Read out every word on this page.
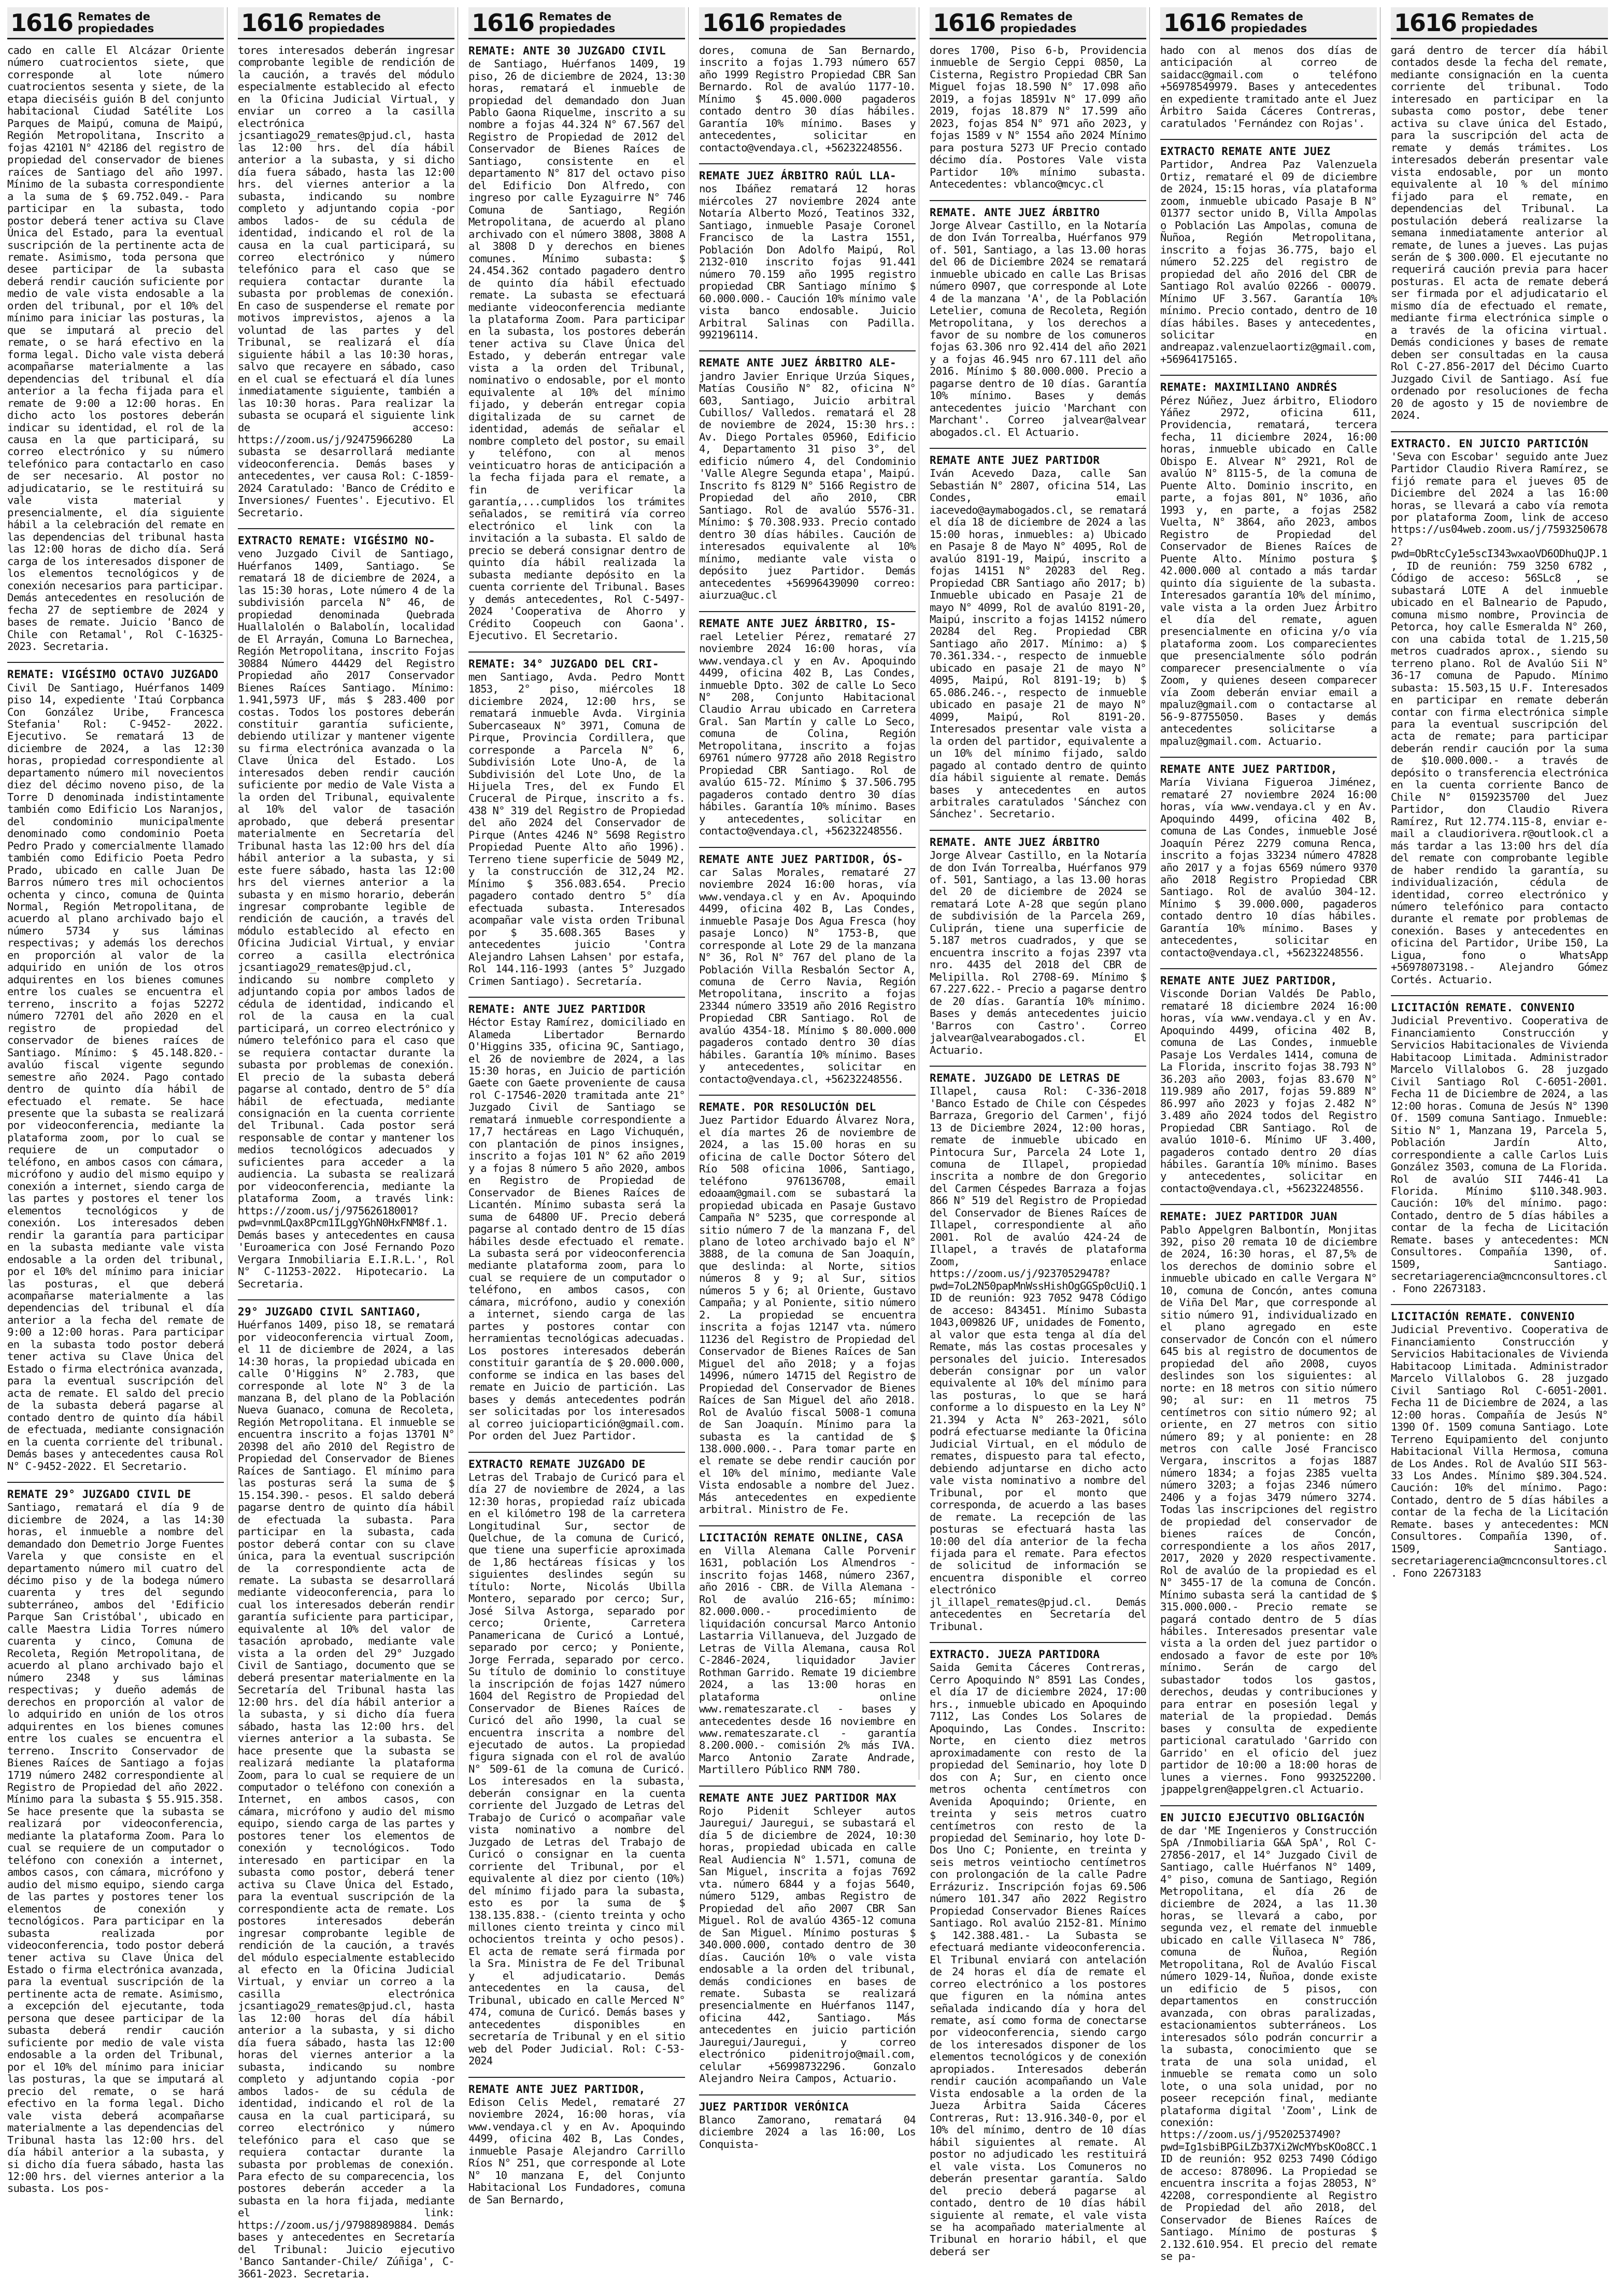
1616 Remates de
propiedades

cado en calle El Alcázar Oriente número cuatrocientos siete, que corresponde al lote número cuatrocientos sesenta y siete, de la etapa dieciséis guión B del conjunto habitacional Ciudad Satélite Los Parques de Maipú, comuna de Maipú, Región Metropolitana, Inscrito a fojas 42101 N° 42186 del registro de propiedad del conservador de bienes raíces de Santiago del año 1997. Mínimo de la subasta correspondiente a la suma de $ 69.752.049.- Para participar en la subasta, todo postor deberá tener activa su Clave Única del Estado, para la eventual suscripción de la pertinente acta de remate. Asimismo, toda persona que desee participar de la subasta deberá rendir caución suficiente por medio de vale vista endosable a la orden del tribunal, por el 10% del mínimo para iniciar las posturas, la que se imputará al precio del remate, o se hará efectivo en la forma legal. Dicho vale vista deberá acompañarse materialmente a las dependencias del tribunal el día anterior a la fecha fijada para el remate de 9:00 a 12:00 horas. En dicho acto los postores deberán indicar su identidad, el rol de la causa en la que participará, su correo electrónico y su número telefónico para contactarlo en caso de ser necesario. Al postor no adjudicatario, se le restituirá su vale vista material y presencialmente, el día siguiente hábil a la celebración del remate en las dependencias del tribunal hasta las 12:00 horas de dicho día. Será carga de los interesados disponer de los elementos tecnológicos y de conexión necesarios para participar. Demás antecedentes en resolución de fecha 27 de septiembre de 2024 y bases de remate. Juicio 'Banco de Chile con Retamal', Rol C-16325-2023. Secretaria.

REMATE: VIGÉSIMO OCTAVO JUZGADO

Civil De Santiago, Huérfanos 1409 piso 14, expediente 'Itaú Corpbanca Con González Uribe, Francesca Stefania' Rol: C-9452- 2022. Ejecutivo. Se rematará 13 de diciembre de 2024, a las 12:30 horas, propiedad correspondiente al departamento número mil novecientos diez del décimo noveno piso, de la Torre D denominada indistintamente también como Edificio Los Naranjos, del condominio municipalmente denominado como condominio Poeta Pedro Prado y comercialmente llamado también como Edificio Poeta Pedro Prado, ubicado en calle Juan De Barros número tres mil ochocientos ochenta y cinco, comuna de Quinta Normal, Región Metropolitana, de acuerdo al plano archivado bajo el número 5734 y sus láminas respectivas; y además los derechos en proporción al valor de la adquirido en unión de los otros adquirentes en los bienes comunes entre los cuales se encuentra el terreno, inscrito a fojas 52272 número 72701 del año 2020 en el registro de propiedad del conservador de bienes raíces de Santiago. Mínimo: $ 45.148.820.- avalúo fiscal vigente segundo semestre año 2024. Pago contado dentro de quinto día hábil de efectuado el remate. Se hace presente que la subasta se realizará por videoconferencia, mediante la plataforma zoom, por lo cual se requiere de un computador o teléfono, en ambos casos con cámara, micrófono y audio del mismo equipo y conexión a internet, siendo carga de las partes y postores el tener los elementos tecnológicos y de conexión. Los interesados deben rendir la garantía para participar en la subasta mediante vale vista endosable a la orden del tribunal, por el 10% del mínimo para iniciar las posturas, el que deberá acompañarse materialmente a las dependencias del tribunal el día anterior a la fecha del remate de 9:00 a 12:00 horas. Para participar en la subasta todo postor deberá tener activa su Clave Única del Estado o firma electrónica avanzada, para la eventual suscripción del acta de remate. El saldo del precio de la subasta deberá pagarse al contado dentro de quinto día hábil de efectuada, mediante consignación en la cuenta corriente del tribunal. Demás bases y antecedentes causa Rol N° C-9452-2022. El Secretario.

REMATE 29° JUZGADO CIVIL DE

Santiago, rematará el día 9 de diciembre de 2024, a las 14:30 horas, el inmueble a nombre del demandado don Demetrio Jorge Fuentes Varela y que consiste en el departamento número mil cuatro del décimo piso y de la bodega número cuarenta y tres del segundo subterráneo, ambos del 'Edificio Parque San Cristóbal', ubicado en calle Maestra Lidia Torres número cuarenta y cinco, Comuna de Recoleta, Región Metropolitana, de acuerdo al plano archivado bajo el número 2348 y sus láminas respectivas; y dueño además de derechos en proporción al valor de lo adquirido en unión de los otros adquirentes en los bienes comunes entre los cuales se encuentra el terreno. Inscrito Conservador de Bienes Raíces de Santiago a fojas 1719 número 2482 correspondiente al Registro de Propiedad del año 2022. Mínimo para la subasta $ 55.915.358. Se hace presente que la subasta se realizará por videoconferencia, mediante la plataforma Zoom. Para lo cual se requiere de un computador o teléfono con conexión a internet, ambos casos, con cámara, micrófono y audio del mismo equipo, siendo carga de las partes y postores tener los elementos de conexión y tecnológicos. Para participar en la subasta realizada por videoconferencia, todo postor deberá tener activa su Clave Única del Estado o firma electrónica avanzada, para la eventual suscripción de la pertinente acta de remate. Asimismo, a excepción del ejecutante, toda persona que desee participar de la subasta deberá rendir caución suficiente por medio de vale vista endosable a la orden del Tribunal, por el 10% del mínimo para iniciar las posturas, la que se imputará al precio del remate, o se hará efectivo en la forma legal. Dicho vale vista deberá acompañarse materialmente a las dependencias del Tribunal hasta las 12:00 hrs. del día hábil anterior a la subasta, y si dicho día fuera sábado, hasta las 12:00 hrs. del viernes anterior a la subasta. Los pos-

1616 Remates de
propiedades

tores interesados deberán ingresar comprobante legible de rendición de la caución, a través del módulo especialmente establecido al efecto en la Oficina Judicial Virtual, y enviar un correo a la casilla electrónica jcsantiago29_remates@pjud.cl, hasta las 12:00 hrs. del día hábil anterior a la subasta, y si dicho día fuera sábado, hasta las 12:00 hrs. del viernes anterior a la subasta, indicando su nombre completo y adjuntando copia -por ambos lados- de su cédula de identidad, indicando el rol de la causa en la cual participará, su correo electrónico y número telefónico para el caso que se requiera contactar durante la subasta por problemas de conexión. En caso de suspenderse el remate por motivos imprevistos, ajenos a la voluntad de las partes y del Tribunal, se realizará el día siguiente hábil a las 10:30 horas, salvo que recayere en sábado, caso en el cual se efectuará el día lunes inmediatamente siguiente, también a las 10:30 horas. Para realizar la subasta se ocupará el siguiente link de acceso: https://zoom.us/j/92475966280 La subasta se desarrollará mediante videoconferencia. Demás bases y antecedentes, ver causa Rol: C-1859-2024 Caratulado: 'Banco de Crédito e Inversiones/ Fuentes'. Ejecutivo. El Secretario.

EXTRACTO REMATE: VIGÉSIMO NO-

veno Juzgado Civil de Santiago, Huérfanos 1409, Santiago. Se rematará 18 de diciembre de 2024, a las 15:30 horas, Lote número 4 de la subdivisión parcela N° 46, de propiedad denominada Quebrada Huallalolén o Balabolín, localidad de El Arrayán, Comuna Lo Barnechea, Región Metropolitana, inscrito Fojas 30884 Número 44429 del Registro Propiedad año 2017 Conservador Bienes Raíces Santiago. Mínimo: 1.941,5973 UF, más $ 283.400 por costas. Todos los postores deberán constituir garantía suficiente, debiendo utilizar y mantener vigente su firma electrónica avanzada o la Clave Única del Estado. Los interesados deben rendir caución suficiente por medio de Vale Vista a la orden del Tribunal, equivalente al 10% del valor de tasación aprobado, que deberá presentar materialmente en Secretaría del Tribunal hasta las 12:00 hrs del día hábil anterior a la subasta, y si este fuere sábado, hasta las 12:00 hrs del viernes anterior a la subasta y en mismo horario, deberán ingresar comprobante legible de rendición de caución, a través del módulo establecido al efecto en Oficina Judicial Virtual, y enviar correo a casilla electrónica jcsantiago29_remates@pjud.cl, indicando su nombre completo y adjuntando copia por ambos lados de cédula de identidad, indicando el rol de la causa en la cual participará, un correo electrónico y número telefónico para el caso que se requiera contactar durante la subasta por problemas de conexión. El precio de la subasta deberá pagarse al contado, dentro de 5° día hábil de efectuada, mediante consignación en la cuenta corriente del Tribunal. Cada postor será responsable de contar y mantener los medios tecnológicos adecuados y suficientes para acceder a la audiencia. La subasta se realizará por videoconferencia, mediante la plataforma Zoom, a través link: https://zoom.us/j/97562618001?pwd=vnmLQax8Pcm1ILggYGhN0HxFNM8f.1. Demás bases y antecedentes en causa 'Euroamerica con José Fernando Pozo Vergara Inmobiliaria E.I.R.L.', Rol N° C-11253-2022. Hipotecario. La Secretaria.

29° JUZGADO CIVIL SANTIAGO,

Huérfanos 1409, piso 18, se rematará por videoconferencia virtual Zoom, el 11 de diciembre de 2024, a las 14:30 horas, la propiedad ubicada en calle O'Higgins N° 2.783, que corresponde al lote N° 3 de la manzana B, del plano de la Población Nueva Guanaco, comuna de Recoleta, Región Metropolitana. El inmueble se encuentra inscrito a fojas 13701 N° 20398 del año 2010 del Registro de Propiedad del Conservador de Bienes Raíces de Santiago. El mínimo para las posturas será la suma de $ 15.154.390.- pesos. El saldo deberá pagarse dentro de quinto día hábil de efectuada la subasta. Para participar en la subasta, cada postor deberá contar con su clave única, para la eventual suscripción de la correspondiente acta de remate. La subasta se desarrollará mediante videoconferencia, para lo cual los interesados deberán rendir garantía suficiente para participar, equivalente al 10% del valor de tasación aprobado, mediante vale vista a la orden del 29° Juzgado Civil de Santiago, documento que se deberá presentar materialmente en la Secretaría del Tribunal hasta las 12:00 hrs. del día hábil anterior a la subasta, y si dicho día fuera sábado, hasta las 12:00 hrs. del viernes anterior a la subasta. Se hace presente que la subasta se realizará mediante la plataforma Zoom, para lo cual se requiere de un computador o teléfono con conexión a Internet, en ambos casos, con cámara, micrófono y audio del mismo equipo, siendo carga de las partes y postores tener los elementos de conexión y tecnológicos. Todo interesado en participar en la subasta como postor, deberá tener activa su Clave Única del Estado, para la eventual suscripción de la correspondiente acta de remate. Los postores interesados deberán ingresar comprobante legible de rendición de la caución, a través del módulo especialmente establecido al efecto en la Oficina Judicial Virtual, y enviar un correo a la casilla electrónica jcsantiago29_remates@pjud.cl, hasta las 12:00 horas del día hábil anterior a la subasta, y si dicho día fuera sábado, hasta las 12:00 horas del viernes anterior a la subasta, indicando su nombre completo y adjuntando copia -por ambos lados- de su cédula de identidad, indicando el rol de la causa en la cual participará, su correo electrónico y número telefónico para el caso que se requiera contactar durante la subasta por problemas de conexión. Para efecto de su comparecencia, los postores deberán acceder a la subasta en la hora fijada, mediante el link: https://zoom.us/j/97988989884. Demás bases y antecedentes en Secretaría del Tribunal: Juicio ejecutivo 'Banco Santander-Chile/ Zúñiga', C-3661-2023. Secretaria.

1616 Remates de
propiedades

REMATE: ANTE 30 JUZGADO CIVIL

de Santiago, Huérfanos 1409, 19 piso, 26 de diciembre de 2024, 13:30 horas, rematará el inmueble de propiedad del demandado don Juan Pablo Gaona Riquelme, inscrito a su nombre a fojas 44.324 N° 67.567 del Registro de Propiedad de 2012 del Conservador de Bienes Raíces de Santiago, consistente en el departamento N° 817 del octavo piso del Edificio Don Alfredo, con ingreso por calle Eyzaguirre N° 746 Comuna de Santiago, Región Metropolitana, de acuerdo al plano archivado con el número 3808, 3808 A al 3808 D y derechos en bienes comunes. Mínimo subasta: $ 24.454.362 contado pagadero dentro de quinto día hábil efectuado remate. La subasta se efectuará mediante videoconferencia mediante la plataforma Zoom. Para participar en la subasta, los postores deberán tener activa su Clave Única del Estado, y deberán entregar vale vista a la orden del Tribunal, nominativo o endosable, por el monto equivalente al 10% del mínimo fijado, y deberán entregar copia digitalizada de su carnet de identidad, además de señalar el nombre completo del postor, su email y teléfono, con al menos veinticuatro horas de anticipación a la fecha fijada para el remate, a fin de verificar la garantía,...cumplidos los trámites señalados, se remitirá vía correo electrónico el link con la invitación a la subasta. El saldo de precio se deberá consignar dentro de quinto día hábil realizada la subasta mediante depósito en la cuenta corriente del Tribunal. Bases y demás antecedentes, Rol C-5497-2024 'Cooperativa de Ahorro y Crédito Coopeuch con Gaona'. Ejecutivo. El Secretario.

REMATE: 34° JUZGADO DEL CRI-

men Santiago, Avda. Pedro Montt 1853, 2° piso, miércoles 18 diciembre 2024, 12:00 hrs, se rematará inmueble Avda. Virginia Subercaseaux N° 3971, Comuna de Pirque, Provincia Cordillera, que corresponde a Parcela N° 6, Subdivisión Lote Uno-A, de la Subdivisión del Lote Uno, de la Hijuela Tres, del ex Fundo El Cruceral de Pirque, inscrito a fs. 438 N° 319 del Registro de Propiedad del año 2024 del Conservador de Pirque (Antes 4246 N° 5698 Registro Propiedad Puente Alto año 1996). Terreno tiene superficie de 5049 M2, y la construcción de 312,24 M2. Mínimo $ 356.083.654. Precio pagadero contado dentro 5° día efectuada subasta. Interesados acompañar vale vista orden Tribunal por $ 35.608.365 Bases y antecedentes juicio 'Contra Alejandro Lahsen Lahsen' por estafa, Rol 144.116-1993 (antes 5° Juzgado Crimen Santiago). Secretaría.

REMATE: ANTE JUEZ PARTIDOR

Héctor Estay Ramírez, domiciliado en Alameda Libertador Bernardo O'Higgins 335, oficina 9C, Santiago, el 26 de noviembre de 2024, a las 15:30 horas, en Juicio de partición Gaete con Gaete proveniente de causa rol C-17546-2020 tramitada ante 21° Juzgado Civil de Santiago se rematará inmueble correspondiente a 17,7 hectáreas en Lago Vichuquén, con plantación de pinos insignes, inscrito a fojas 101 N° 62 año 2019 y a fojas 8 número 5 año 2020, ambos en Registro de Propiedad de Conservador de Bienes Raíces de Licantén. Mínimo subasta será la suma de 64800 UF. Precio deberá pagarse al contado dentro de 15 días hábiles desde efectuado el remate. La subasta será por videoconferencia mediante plataforma zoom, para lo cual se requiere de un computador o teléfono, en ambos casos, con cámara, micrófono, audio y conexión a internet, siendo carga de las partes y postores contar con herramientas tecnológicas adecuadas. Los postores interesados deberán constituir garantía de $ 20.000.000, conforme se indica en las bases del remate en Juicio de partición. Las bases y demás antecedentes podrán ser solicitadas por los interesados al correo juiciopartición@gmail.com. Por orden del Juez Partidor.

EXTRACTO REMATE JUZGADO DE

Letras del Trabajo de Curicó para el día 27 de noviembre de 2024, a las 12:30 horas, propiedad raíz ubicada en el kilómetro 198 de la carretera Longitudinal Sur, sector de Quelchue, de la comuna de Curicó, que tiene una superficie aproximada de 1,86 hectáreas físicas y los siguientes deslindes según su título: Norte, Nicolás Ubilla Montero, separado por cerco; Sur, José Silva Astorga, separado por cerco; Oriente, Carretera Panamericana de Curicó a Lontué, separado por cerco; y Poniente, Jorge Ferrada, separado por cerco. Su título de dominio lo constituye la inscripción de fojas 1427 número 1604 del Registro de Propiedad del Conservador de Bienes Raíces de Curicó del año 1990, la cual se encuentra inscrita a nombre del ejecutado de autos. La propiedad figura signada con el rol de avalúo N° 509-61 de la comuna de Curicó. Los interesados en la subasta, deberán consignar en la cuenta corriente del Juzgado de Letras del Trabajo de Curicó o acompañar vale vista nominativo a nombre del Juzgado de Letras del Trabajo de Curicó o consignar en la cuenta corriente del Tribunal, por el equivalente al diez por ciento (10%) del mínimo fijado para la subasta, esto es por la suma de $ 138.135.838.- (ciento treinta y ocho millones ciento treinta y cinco mil ochocientos treinta y ocho pesos). El acta de remate será firmada por la Sra. Ministra de Fe del Tribunal y el adjudicatario. Demás antecedentes en la causa, del Tribunal, ubicado en calle Merced N° 474, comuna de Curicó. Demás bases y antecedentes disponibles en secretaría de Tribunal y en el sitio web del Poder Judicial. Rol: C-53-2024

REMATE ANTE JUEZ PARTIDOR,

Edison Celis Medel, remataré 27 noviembre 2024, 16:00 horas, vía www.vendaya.cl y en Av. Apoquindo 4499, oficina 402 B, Las Condes, inmueble Pasaje Alejandro Carrillo Ríos N° 251, que corresponde al Lote N° 10 manzana E, del Conjunto Habitacional Los Fundadores, comuna de San Bernardo,

1616 Remates de
propiedades

dores, comuna de San Bernardo, inscrito a fojas 1.793 número 657 año 1999 Registro Propiedad CBR San Bernardo. Rol de avalúo 1177-10. Mínimo $ 45.000.000 pagaderos contado dentro 30 días hábiles. Garantía 10% mínimo. Bases y antecedentes, solicitar en contacto@vendaya.cl, +56232248556.

REMATE JUEZ ÁRBITRO RAÚL LLA-

nos Ibáñez rematará 12 horas miércoles 27 noviembre 2024 ante Notaría Alberto Mozó, Teatinos 332, Santiago, inmueble Pasaje Coronel Francisco de la Lastra 1551, Población Don Adolfo Maipú, Rol 2132-010 inscrito fojas 91.441 número 70.159 año 1995 registro propiedad CBR Santiago mínimo $ 60.000.000.- Caución 10% mínimo vale vista banco endosable. Juicio Arbitral Salinas con Padilla. 992196114.

REMATE ANTE JUEZ ÁRBITRO ALE-

jandro Javier Enrique Urzúa Siques, Matías Cousiño N° 82, oficina N° 603, Santiago, Juicio arbitral Cubillos/ Valledos. rematará el 28 de noviembre de 2024, 15:30 hrs.: Av. Diego Portales 05960, Edificio 4, Departamento 31 piso 3°, del edificio número 4, del Condominio 'Valle Alegre Segunda etapa', Maipú. Inscrito fs 8129 N° 5166 Registro de Propiedad del año 2010, CBR Santiago. Rol de avalúo 5576-31. Mínimo: $ 70.308.933. Precio contado dentro 30 días hábiles. Caución de interesados equivalente al 10% mínimo, mediante vale vista o depósito juez Partidor. Demás antecedentes +56996439090 correo: aiurzua@uc.cl

REMATE ANTE JUEZ ÁRBITRO, IS-

rael Letelier Pérez, remataré 27 noviembre 2024 16:00 horas, vía www.vendaya.cl y en Av. Apoquindo 4499, oficina 402 B, Las Condes, inmueble Dpto. 302 de calle Lo Seco N° 208, Conjunto Habitacional Claudio Arrau ubicado en Carretera Gral. San Martín y calle Lo Seco, comuna de Colina, Región Metropolitana, inscrito a fojas 69761 número 97728 año 2018 Registro Propiedad CBR Santiago. Rol de avalúo 615-72. Mínimo $ 37.506.795 pagaderos contado dentro 30 días hábiles. Garantía 10% mínimo. Bases y antecedentes, solicitar en contacto@vendaya.cl, +56232248556.

REMATE ANTE JUEZ PARTIDOR, ÓS-

car Salas Morales, remataré 27 noviembre 2024 16:00 horas, vía www.vendaya.cl y en Av. Apoquindo 4499, oficina 402 B, Las Condes, inmueble Pasaje Dos Agua Fresca (hoy pasaje Lonco) N° 1753-B, que corresponde al Lote 29 de la manzana N° 36, Rol N° 767 del plano de la Población Villa Resbalón Sector A, comuna de Cerro Navia, Región Metropolitana, inscrito a fojas 23344 número 33519 año 2016 Registro Propiedad CBR Santiago. Rol de avalúo 4354-18. Mínimo $ 80.000.000 pagaderos contado dentro 30 días hábiles. Garantía 10% mínimo. Bases y antecedentes, solicitar en contacto@vendaya.cl, +56232248556.

REMATE. POR RESOLUCIÓN DEL

Juez Partidor Eduardo Álvarez Nora, el día martes 26 de noviembre de 2024, a las 15.00 horas en su oficina de calle Doctor Sótero del Río 508 oficina 1006, Santiago, teléfono 976136708, email edoaam@gmail.com se subastará la propiedad ubicada en Pasaje Gustavo Campaña N° 5235, que corresponde al sitio número 7 de la manzana F, del plano de loteo archivado bajo el N° 3888, de la comuna de San Joaquín, que deslinda: al Norte, sitios números 8 y 9; al Sur, sitios números 5 y 6; al Oriente, Gustavo Campaña; y al Poniente, sitio número 2. La propiedad se encuentra inscrita a fojas 12147 vta. número 11236 del Registro de Propiedad del Conservador de Bienes Raíces de San Miguel del año 2018; y a fojas 14996, número 14715 del Registro de Propiedad del Conservador de Bienes Raíces de San Miguel del año 2018. Rol de Avalúo fiscal 5008-1 comuna de San Joaquín. Mínimo para la subasta es la cantidad de $ 138.000.000.-. Para tomar parte en el remate se debe rendir caución por el 10% del mínimo, mediante Vale Vista endosable a nombre del Juez. Más antecedentes en expediente arbitral. Ministro de Fe.

LICITACIÓN REMATE ONLINE, CASA

en Villa Alemana Calle Porvenir 1631, población Los Almendros - inscrito fojas 1468, número 2367, año 2016 - CBR. de Villa Alemana - Rol de avalúo 216-65; mínimo: 82.000.000.- procedimiento de liquidación concursal Marco Antonio Lastarria Villanueva, del Juzgado de Letras de Villa Alemana, causa Rol C-2846-2024, liquidador Javier Rothman Garrido. Remate 19 diciembre 2024, a las 13:00 horas en plataforma online www.remateszarate.cl - bases y antecedentes desde 16 noviembre en www.remateszarate.cl - garantía 8.200.000.- comisión 2% más IVA. Marco Antonio Zarate Andrade, Martillero Público RNM 780.

REMATE ANTE JUEZ PARTIDOR MAX

Rojo Pidenit Schleyer autos Jauregui/ Jauregui, se subastará el día 5 de diciembre de 2024, 10:30 horas, propiedad ubicada en calle Real Audiencia N° 1.571, comuna de San Miguel, inscrita a fojas 7692 vta. número 6844 y a fojas 5640, número 5129, ambas Registro de Propiedad del año 2007 CBR San Miguel. Rol de avalúo 4365-12 comuna de San Miguel. Mínimo posturas $ 340.000.000, contado dentro de 30 días. Caución 10% o vale vista endosable a la orden del tribunal, demás condiciones en bases de remate. Subasta se realizará presencialmente en Huérfanos 1147, oficina 442, Santiago. Más antecedentes en juicio partición Jauregui/Jauregui, y correo electrónico pidenitrojo@mail.com, celular +56998732296. Gonzalo Alejandro Neira Campos, Actuario.

JUEZ PARTIDOR VERÓNICA

Blanco Zamorano, rematará 04 diciembre 2024 a las 16:00, Los Conquista-

1616 Remates de
propiedades

dores 1700, Piso 6-b, Providencia inmueble de Sergio Ceppi 0850, La Cisterna, Registro Propiedad CBR San Miguel fojas 18.590 N° 17.098 año 2019, a fojas 18591v N° 17.099 año 2019, fojas 18.879 N° 17.599 año 2023, fojas 854 N° 971 año 2023, y fojas 1589 v N° 1554 año 2024 Mínimo para postura 5273 UF Precio contado décimo día. Postores Vale vista Partidor 10% mínimo subasta. Antecedentes: vblanco@mcyc.cl

REMATE. ANTE JUEZ ÁRBITRO

Jorge Alvear Castillo, en la Notaría de don Iván Torrealba, Huérfanos 979 of. 501, Santiago, a las 13.00 horas del 06 de Diciembre 2024 se rematará inmueble ubicado en calle Las Brisas número 0907, que corresponde al Lote 4 de la manzana 'A', de la Población Letelier, comuna de Recoleta, Región Metropolitana, y los derechos a favor de su nombre de los comuneros fojas 63.306 nro 92.414 del año 2021 y a fojas 46.945 nro 67.111 del año 2016. Mínimo $ 80.000.000. Precio a pagarse dentro de 10 días. Garantía 10% mínimo. Bases y demás antecedentes juicio 'Marchant con Marchant'. Correo jalvear@alvear abogados.cl. El Actuario.

REMATE ANTE JUEZ PARTIDOR

Iván Acevedo Daza, calle San Sebastián N° 2807, oficina 514, Las Condes, email iacevedo@aymabogados.cl, se rematará el día 18 de diciembre de 2024 a las 15:00 horas, inmuebles: a) Ubicado en Pasaje 8 de Mayo N° 4095, Rol de avalúo 8191-19, Maipú, inscrito a fojas 14151 N° 20283 del Reg. Propiedad CBR Santiago año 2017; b) Inmueble ubicado en Pasaje 21 de mayo N° 4099, Rol de avalúo 8191-20, Maipú, inscrito a fojas 14152 número 20284 del Reg. Propiedad CBR Santiago año 2017. Mínimo: a) $ 70.361.334.-, respecto de inmueble ubicado en pasaje 21 de mayo N° 4095, Maipú, Rol 8191-19; b) $ 65.086.246.-, respecto de inmueble ubicado en pasaje 21 de mayo N° 4099, Maipú, Rol 8191-20. Interesados presentar vale vista a la orden del partidor, equivalente a un 10% del mínimo fijado, saldo pagado al contado dentro de quinto día hábil siguiente al remate. Demás bases y antecedentes en autos arbitrales caratulados 'Sánchez con Sánchez'. Secretario.

REMATE. ANTE JUEZ ÁRBITRO

Jorge Alvear Castillo, en la Notaría de don Iván Torrealba, Huérfanos 979 of. 501, Santiago, a las 13.00 horas del 20 de diciembre de 2024 se rematará Lote A-28 que según plano de subdivisión de la Parcela 269, Culiprán, tiene una superficie de 5.187 metros cuadrados, y que se encuentra inscrito a fojas 2397 vta nro. 4435 del 2018 del CBR de Melipilla. Rol 2708-69. Mínimo $ 67.227.622.- Precio a pagarse dentro de 20 días. Garantía 10% mínimo. Bases y demás antecedentes juicio 'Barros con Castro'. Correo jalvear@alvearabogados.cl. El Actuario.

REMATE. JUZGADO DE LETRAS DE

Illapel, causa Rol: C-336-2018 'Banco Estado de Chile con Céspedes Barraza, Gregorio del Carmen', fijó 13 de Diciembre 2024, 12:00 horas, remate de inmueble ubicado en Pintocura Sur, Parcela 24 Lote 1, comuna de Illapel, propiedad inscrita a nombre de don Gregorio del Carmen Céspedes Barraza a fojas 866 N° 519 del Registro de Propiedad del Conservador de Bienes Raíces de Illapel, correspondiente al año 2001. Rol de avalúo 424-24 de Illapel, a través de plataforma Zoom, enlace https://zoom.us/j/92370529478?pwd=7oL2N50papMnWssHishOgGGSp0cUiQ.1 ID de reunión: 923 7052 9478 Código de acceso: 843451. Mínimo Subasta 1043,009826 UF, unidades de Fomento, al valor que esta tenga al día del Remate, más las costas procesales y personales del juicio. Interesados deberán consignar por un valor equivalente al 10% del mínimo para las posturas, lo que se hará conforme a lo dispuesto en la Ley N° 21.394 y Acta N° 263-2021, sólo podrá efectuarse mediante la Oficina Judicial Virtual, en el módulo de remates, dispuesto para tal efecto, debiendo adjuntarse en dicho acto vale vista nominativo a nombre del Tribunal, por el monto que corresponda, de acuerdo a las bases de remate. La recepción de las posturas se efectuará hasta las 10:00 del día anterior de la fecha fijada para el remate. Para efectos de solicitud de información se encuentra disponible el correo electrónico jl_illapel_remates@pjud.cl. Demás antecedentes en Secretaría del Tribunal.

EXTRACTO. JUEZA PARTIDORA

Saida Gemita Cáceres Contreras, Cerro Apoquindo N° 8591 Las Condes, el día 17 de diciembre 2024, 17:00 hrs., inmueble ubicado en Apoquindo 7112, Las Condes Los Solares de Apoquindo, Las Condes. Inscrito: Norte, en ciento diez metros aproximadamente con resto de la propiedad del Seminario, hoy lote D dos con A; Sur, en ciento once metros ochenta centímetros con Avenida Apoquindo; Oriente, en treinta y seis metros cuatro centímetros con resto de la propiedad del Seminario, hoy lote D-Dos Uno C; Poniente, en treinta y seis metros veintiocho centímetros con prolongación de la calle Padre Errázuriz. Inscripción fojas 69.506 número 101.347 año 2022 Registro Propiedad Conservador Bienes Raíces Santiago. Rol avalúo 2152-81. Mínimo $ 142.388.481.- La Subasta se efectuará mediante videoconferencia. El Tribunal enviará con antelación de 24 horas el día de remate el correo electrónico a los postores que figuren en la nómina antes señalada indicando día y hora del remate, así como forma de conectarse por videoconferencia, siendo cargo de los interesados disponer de los elementos tecnológicos y de conexión apropiados. Interesados deberán rendir caución acompañando un Vale Vista endosable a la orden de la Jueza Árbitra Saida Cáceres Contreras, Rut: 13.916.340-0, por el 10% del mínimo, dentro de 10 días hábil siguientes al remate. Al postor no adjudicado les restituirá el vale vista. Los Comuneros no deberán presentar garantía. Saldo del precio deberá pagarse al contado, dentro de 10 días hábil siguiente al remate, el vale vista se ha acompañado materialmente al Tribunal en horario hábil, el que deberá ser

1616 Remates de
propiedades

hado con al menos dos días de anticipación al correo de saidacc@gmail.com o teléfono +56978549979. Bases y antecedentes en expediente tramitado ante el Juez Árbitro Saida Cáceres Contreras, caratulados 'Fernández con Rojas'.

EXTRACTO REMATE ANTE JUEZ

Partidor, Andrea Paz Valenzuela Ortiz, remataré el 09 de diciembre de 2024, 15:15 horas, vía plataforma zoom, inmueble ubicado Pasaje B N° 01377 sector unido B, Villa Ampolas o Población Las Ampolas, comuna de Ñuñoa, Región Metropolitana, inscrito a fojas 36.775, bajo el número 52.225 del registro de propiedad del año 2016 del CBR de Santiago Rol avalúo 02266 - 00079. Mínimo UF 3.567. Garantía 10% mínimo. Precio contado, dentro de 10 días hábiles. Bases y antecedentes, solicitar en andreapaz.valenzuelaortiz@gmail.com, +56964175165.

REMATE: MAXIMILIANO ANDRÉS

Pérez Núñez, Juez árbitro, Eliodoro Yáñez 2972, oficina 611, Providencia, rematará, tercera fecha, 11 diciembre 2024, 16:00 horas, inmueble ubicado en Calle Obispo E. Alvear N° 2921, Rol de avalúo N° 8115-5, de la comuna de Puente Alto. Dominio inscrito, en parte, a fojas 801, N° 1036, año 1993 y, en parte, a fojas 2582 Vuelta, N° 3864, año 2023, ambos Registro de Propiedad del Conservador de Bienes Raíces de Puente Alto. Mínimo postura $ 42.000.000 al contado a más tardar quinto día siguiente de la subasta. Interesados garantía 10% del mínimo, vale vista a la orden Juez Árbitro el día del remate, aguen presencialmente en oficina y/o vía plataforma zoom. Los comparecientes que presencialmente sólo podrán comparecer presencialmente o vía Zoom, y quienes deseen comparecer vía Zoom deberán enviar email a mpaluz@gmail.com o contactarse al 56-9-87755050. Bases y demás antecedentes solicitarse a mpaluz@gmail.com. Actuario.

REMATE ANTE JUEZ PARTIDOR,

María Viviana Figueroa Jiménez, remataré 27 noviembre 2024 16:00 horas, vía www.vendaya.cl y en Av. Apoquindo 4499, oficina 402 B, comuna de Las Condes, inmueble José Joaquín Pérez 2279 comuna Renca, inscrito a fojas 33234 número 47828 año 2017 y a fojas 6569 número 9370 año 2018 Registro Propiedad CBR Santiago. Rol de avalúo 304-12. Mínimo $ 39.000.000, pagaderos contado dentro 10 días hábiles. Garantía 10% mínimo. Bases y antecedentes, solicitar en contacto@vendaya.cl, +56232248556.

REMATE ANTE JUEZ PARTIDOR,

Visconde Dorian Valdés De Pablo, remataré 18 diciembre 2024 16:00 horas, vía www.vendaya.cl y en Av. Apoquindo 4499, oficina 402 B, comuna de Las Condes, inmueble Pasaje Los Verdales 1414, comuna de La Florida, inscrito fojas 38.793 N° 36.203 año 2003, fojas 83.670 N° 119.989 año 2017, fojas 59.889 N° 86.997 año 2023 y fojas 2.482 N° 3.489 año 2024 todos del Registro Propiedad CBR Santiago. Rol de avalúo 1010-6. Mínimo UF 3.400, pagaderos contado dentro 20 días hábiles. Garantía 10% mínimo. Bases y antecedentes, solicitar en contacto@vendaya.cl, +56232248556.

REMATE: JUEZ PARTIDOR JUAN

Pablo Appelgren Balbontín, Monjitas 392, piso 20 remata 10 de diciembre de 2024, 16:30 horas, el 87,5% de los derechos de dominio sobre el inmueble ubicado en calle Vergara N° 10, comuna de Concón, antes comuna de Viña Del Mar, que corresponde al sitio número 91, individualizado en el plano agregado en este conservador de Concón con el número 645 bis al registro de documentos de propiedad del año 2008, cuyos deslindes son los siguientes: al norte: en 18 metros con sitio número 90; al sur: en 11 metros 75 centímetros con sitio número 92; al oriente, en 27 metros con sitio número 89; y al poniente: en 28 metros con calle José Francisco Vergara, inscritos a fojas 1887 número 1834; a fojas 2385 vuelta número 3203; a fojas 2346 número 2406 y a fojas 3479 número 3274. Todas las inscripciones del registro de propiedad del conservador de bienes raíces de Concón, correspondiente a los años 2017, 2017, 2020 y 2020 respectivamente. Rol de avalúo de la propiedad es el N° 3455-17 de la comuna de Concón. Mínimo subasta será la cantidad de $ 315.000.000.- Precio remate se pagará contado dentro de 5 días hábiles. Interesados presentar vale vista a la orden del juez partidor o endosado a favor de este por 10% mínimo. Serán de cargo del subastador todos los gastos, derechos, deudas y contribuciones y para entrar en posesión legal y material de la propiedad. Demás bases y consulta de expediente particional caratulado 'Garrido con Garrido' en el oficio del juez partidor de 10:00 a 18:00 horas de lunes a viernes. Fono 993252200. jpappelgren@appelgren.cl Actuario.

EN JUICIO EJECUTIVO OBLIGACIÓN

de dar 'ME Ingenieros y Construcción SpA /Inmobiliaria G&A SpA', Rol C-27856-2017, el 14° Juzgado Civil de Santiago, calle Huérfanos N° 1409, 4° piso, comuna de Santiago, Región Metropolitana, el día 26 de diciembre de 2024, a las 11.30 horas, se llevará a cabo, por segunda vez, el remate del inmueble ubicado en calle Villaseca N° 786, comuna de Ñuñoa, Región Metropolitana, Rol de Avalúo Fiscal número 1029-14, Ñuñoa, donde existe un edificio de 5 pisos, con departamentos en construcción avanzada, con obras paralizadas, estacionamientos subterráneos. Los interesados sólo podrán concurrir a la subasta, conocimiento que se trata de una sola unidad, el inmueble se remata como un solo lote, o una sola unidad, por no poseer recepción final, mediante plataforma digital 'Zoom', Link de conexión: https://zoom.us/j/95202537490?pwd=Ig1sbiBPGiLZb37Xi2WcMYbsKOo8CC.1 ID de reunión: 952 0253 7490 Código de acceso: 878096. La Propiedad se encuentra inscrita a fojas 28053, N° 42208, correspondiente al Registro de Propiedad del año 2018, del Conservador de Bienes Raíces de Santiago. Mínimo de posturas $ 2.132.610.954. El precio del remate se pa-

1616 Remates de
propiedades

gará dentro de tercer día hábil contados desde la fecha del remate, mediante consignación en la cuenta corriente del tribunal. Todo interesado en participar en la subasta como postor, debe tener activa su clave única del Estado, para la suscripción del acta de remate y demás trámites. Los interesados deberán presentar vale vista endosable, por un monto equivalente al 10 % del mínimo fijado para el remate, en dependencias del Tribunal. La postulación deberá realizarse la semana inmediatamente anterior al remate, de lunes a jueves. Las pujas serán de $ 300.000. El ejecutante no requerirá caución previa para hacer posturas. El acta de remate deberá ser firmada por el adjudicatario el mismo día de efectuado el remate, mediante firma electrónica simple o a través de la oficina virtual. Demás condiciones y bases de remate deben ser consultadas en la causa Rol C-27.856-2017 del Décimo Cuarto Juzgado Civil de Santiago. Así fue ordenado por resoluciones de fecha 20 de agosto y 15 de noviembre de 2024.

EXTRACTO. EN JUICIO PARTICIÓN

'Seva con Escobar' seguido ante Juez Partidor Claudio Rivera Ramírez, se fijó remate para el jueves 05 de Diciembre del 2024 a las 16:00 horas, se llevará a cabo vía remota por plataforma Zoom, link de acceso https://us04web.zoom.us/j/75932506782?pwd=ObRtcCy1e5scI343wxaoVD6ODhuQJP.1 , ID de reunión: 759 3250 6782 , Código de acceso: 56SLc8 , se subastará LOTE A del inmueble ubicado en el Balneario de Papudo, comuna mismo nombre, Provincia de Petorca, hoy calle Esmeralda N° 260, con una cabida total de 1.215,50 metros cuadrados aprox., siendo su terreno plano. Rol de Avalúo Sii N° 36-17 comuna de Papudo. Mínimo subasta: 15.503,15 U.F. Interesados en participar en remate deberán contar con firma electrónica simple para la eventual suscripción del acta de remate; para participar deberán rendir caución por la suma de $10.000.000.- a través de depósito o transferencia electrónica en la cuenta corriente Banco de Chile N° 0159235700 del Juez Partidor, don Claudio Rivera Ramírez, Rut 12.774.115-8, enviar e-mail a claudiorivera.r@outlook.cl a más tardar a las 13:00 hrs del día del remate con comprobante legible de haber rendido la garantía, su individualización, cédula de identidad, correo electrónico y número telefónico para contacto durante el remate por problemas de conexión. Bases y antecedentes en oficina del Partidor, Uribe 150, La Ligua, fono o WhatsApp +56978073198.- Alejandro Gómez Cortés. Actuario.

LICITACIÓN REMATE. CONVENIO

Judicial Preventivo. Cooperativa de Financiamiento Construcción y Servicios Habitacionales de Vivienda Habitacoop Limitada. Administrador Marcelo Villalobos G. 28 juzgado Civil Santiago Rol C-6051-2001. Fecha 11 de Diciembre de 2024, a las 12:00 horas. Comuna de Jesús N° 1390 Of. 1509 comuna Santiago. Inmueble: Sitio N° 1, Manzana 19, Parcela 5, Población Jardín Alto, correspondiente a calle Carlos Luis González 3503, comuna de La Florida. Rol de avalúo SII 7446-41 La Florida. Mínimo $110.348.903. Caución: 10% del mínimo. pago: Contado, dentro de 5 días hábiles a contar de la fecha de Licitación Remate. bases y antecedentes: MCN Consultores. Compañía 1390, of. 1509, Santiago. secretariagerencia@mcnconsultores.cl. Fono 22673183.

LICITACIÓN REMATE. CONVENIO

Judicial Preventivo. Cooperativa de Financiamiento Construcción y Servicios Habitacionales de Vivienda Habitacoop Limitada. Administrador Marcelo Villalobos G. 28 juzgado Civil Santiago Rol C-6051-2001. Fecha 11 de Diciembre de 2024, a las 12:00 horas. Compañía de Jesús N° 1390 Of. 1509 comuna Santiago. Lote Terreno Equipamiento del conjunto Habitacional Villa Hermosa, comuna de Los Andes. Rol de Avalúo SII 563-33 Los Andes. Mínimo $89.304.524. Caución: 10% del mínimo. Pago: Contado, dentro de 5 días hábiles a contar de la fecha de la Licitación Remate. bases y antecedentes: MCN Consultores. Compañía 1390, of. 1509, Santiago. secretariagerencia@mcnconsultores.cl. Fono 22673183
